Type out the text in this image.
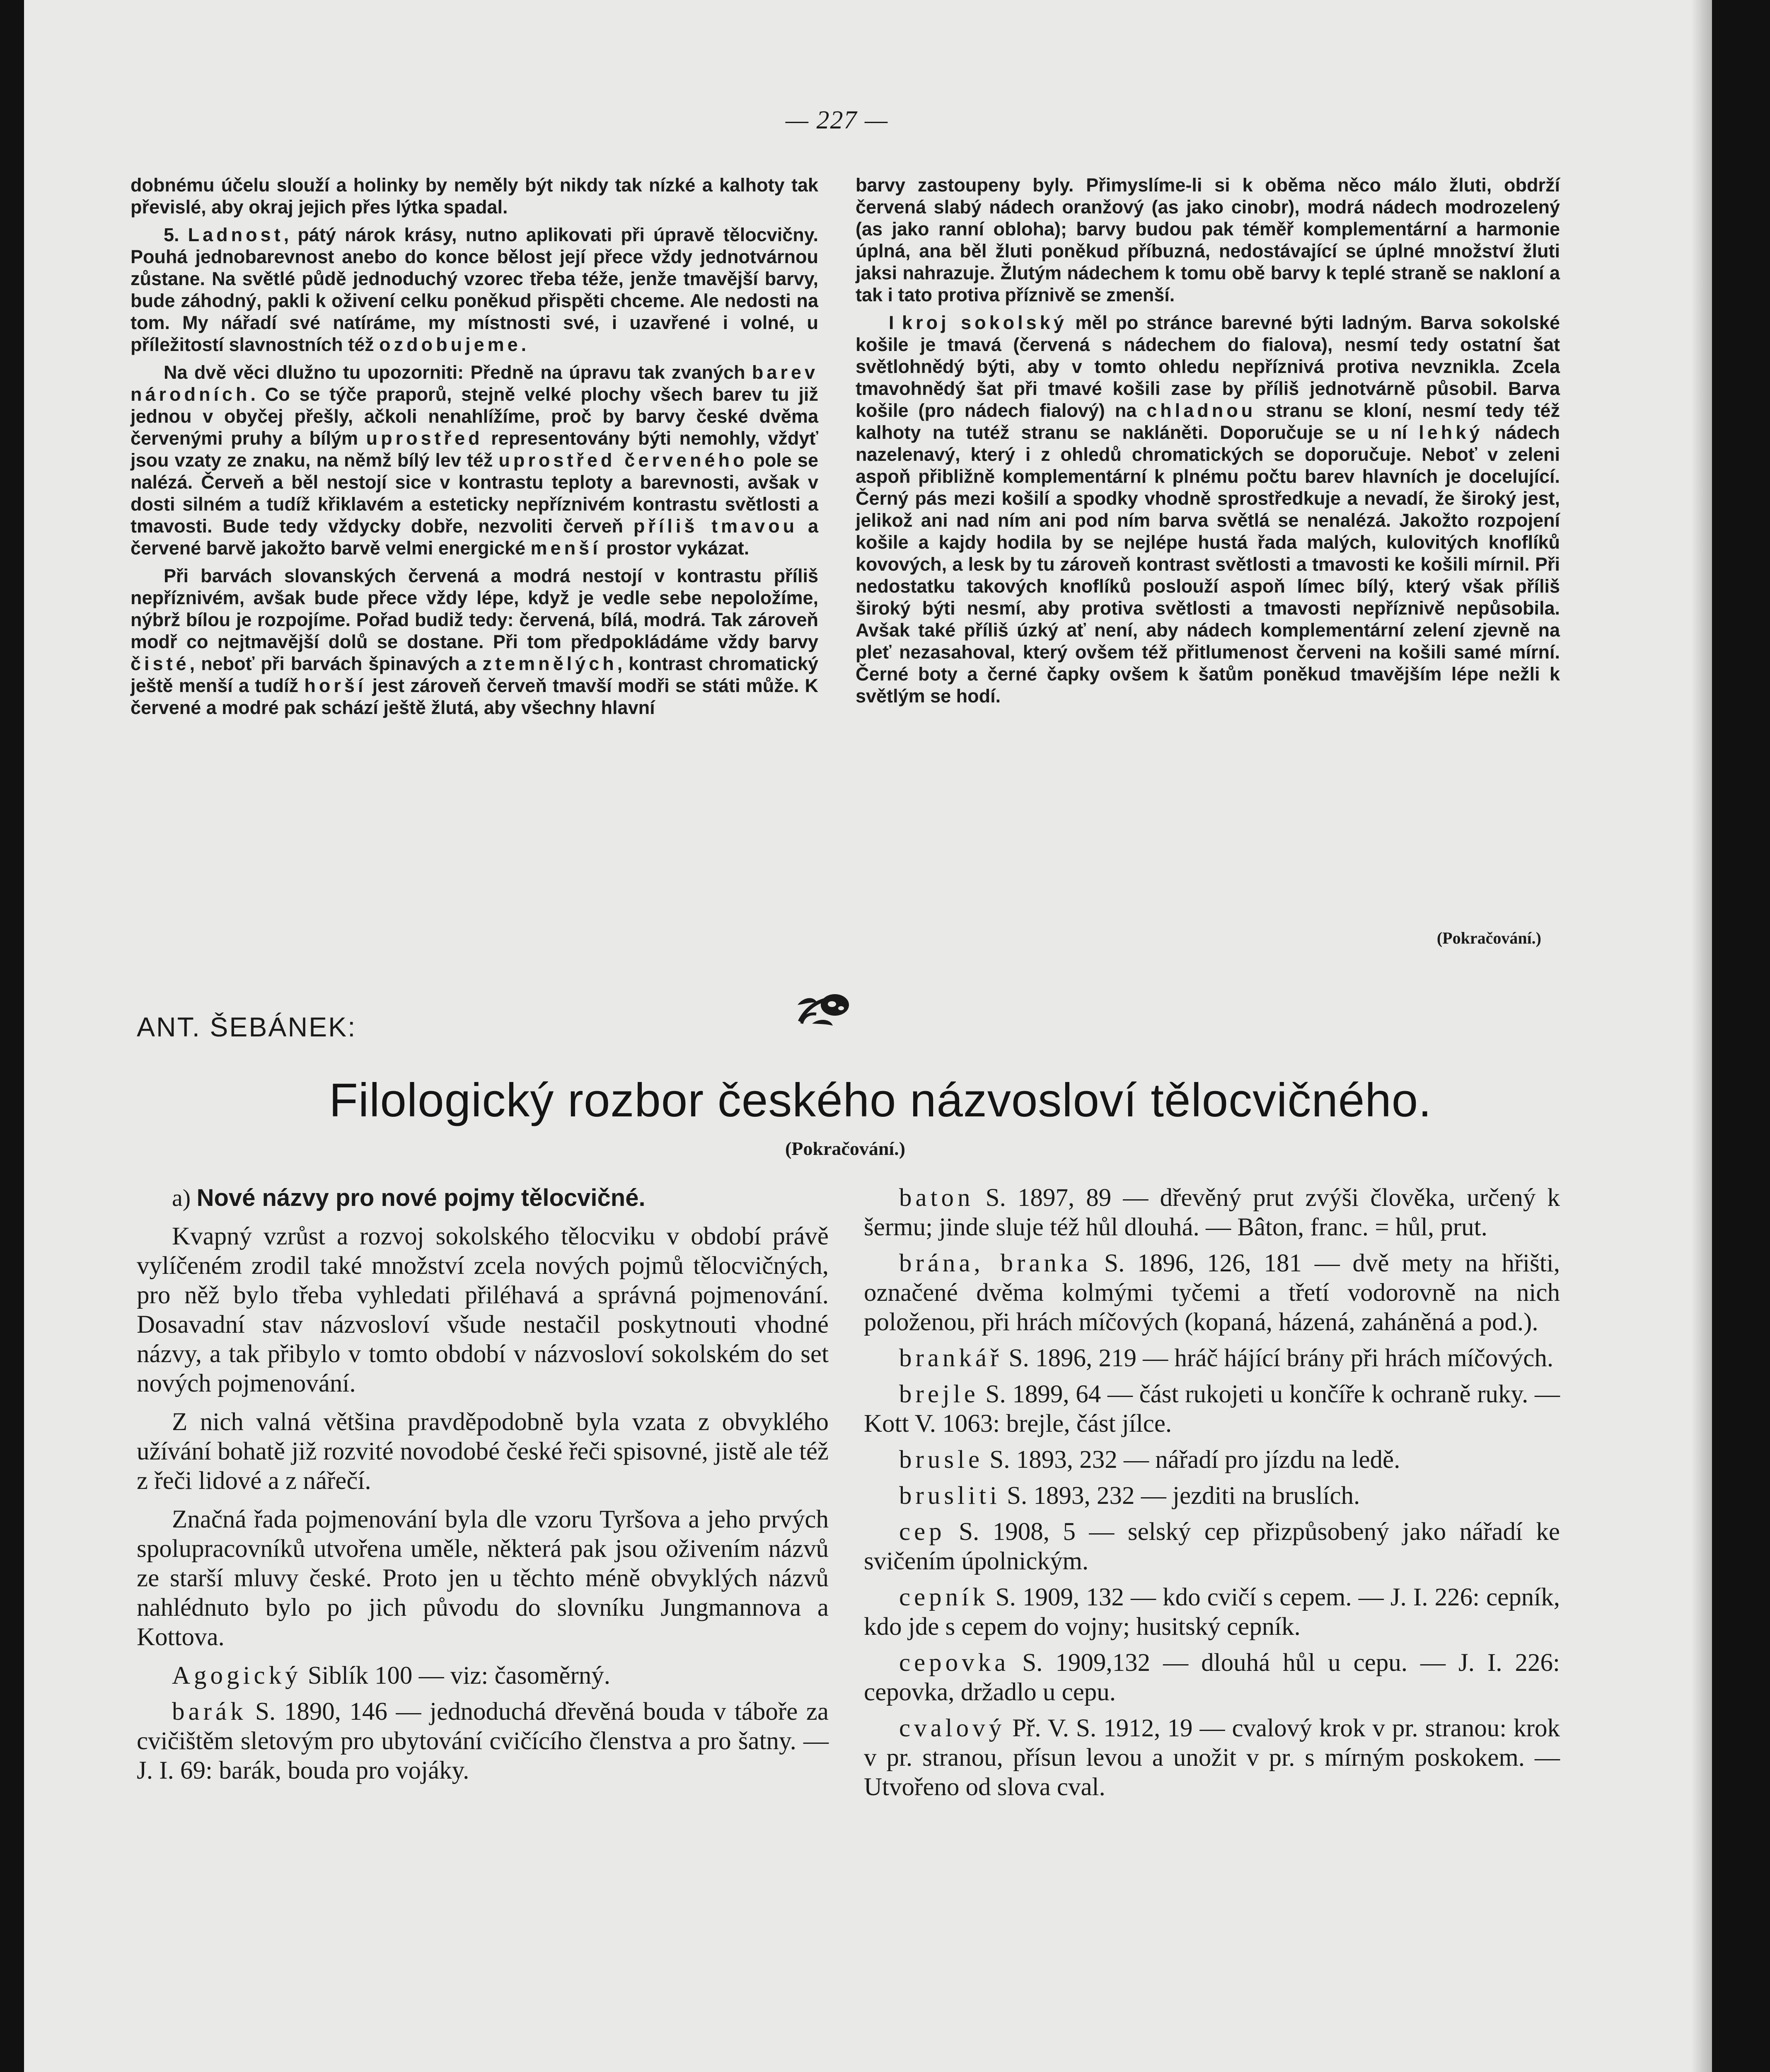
— 227 —

dobnému účelu slouží a holinky by neměly být nikdy tak nízké a kalhoty tak převislé, aby okraj jejich přes lýtka spadal.

5. Ladnost, pátý nárok krásy, nutno aplikovati při úpravě tělocvičny. Pouhá jednobarevnost anebo do konce bělost její přece vždy jednotvárnou zůstane. Na světlé půdě jednoduchý vzorec třeba téže, jenže tmavější barvy, bude záhodný, pakli k oživení celku poněkud přispěti chceme. Ale nedosti na tom. My nářadí své natíráme, my místnosti své, i uzavřené i volné, u příležitostí slavnostních též ozdobujeme.

Na dvě věci dlužno tu upozorniti: Předně na úpravu tak zvaných barev národních. Co se týče praporů, stejně velké plochy všech barev tu již jednou v obyčej přešly, ačkoli nenahlížíme, proč by barvy české dvěma červenými pruhy a bílým uprostřed representovány býti nemohly, vždyť jsou vzaty ze znaku, na němž bílý lev též uprostřed červeného pole se nalézá. Červeň a běl nestojí sice v kontrastu teploty a barevnosti, avšak v dosti silném a tudíž křiklavém a esteticky nepříznivém kontrastu světlosti a tmavosti. Bude tedy vždycky dobře, nezvoliti červeň příliš tmavou a červené barvě jakožto barvě velmi energické menší prostor vykázat.

Při barvách slovanských červená a modrá nestojí v kontrastu příliš nepříznivém, avšak bude přece vždy lépe, když je vedle sebe nepoložíme, nýbrž bílou je rozpojíme. Pořad budiž tedy: červená, bílá, modrá. Tak zároveň modř co nejtmavější dolů se dostane. Při tom předpokládáme vždy barvy čisté, neboť při barvách špinavých a ztemnělých, kontrast chromatický ještě menší a tudíž horší jest zároveň červeň tmavší modři se státi může. K červené a modré pak schází ještě žlutá, aby všechny hlavní

barvy zastoupeny byly. Přimyslíme-li si k oběma něco málo žluti, obdrží červená slabý nádech oranžový (as jako cinobr), modrá nádech modrozelený (as jako ranní obloha); barvy budou pak téměř komplementární a harmonie úplná, ana běl žluti poněkud příbuzná, nedostávající se úplné množství žluti jaksi nahrazuje. Žlutým nádechem k tomu obě barvy k teplé straně se nakloní a tak i tato protiva příznivě se zmenší.

I kroj sokolský měl po stránce barevné býti ladným. Barva sokolské košile je tmavá (červená s nádechem do fialova), nesmí tedy ostatní šat světlohnědý býti, aby v tomto ohledu nepříznivá protiva nevznikla. Zcela tmavohnědý šat při tmavé košili zase by příliš jednotvárně působil. Barva košile (pro nádech fialový) na chladnou stranu se kloní, nesmí tedy též kalhoty na tutéž stranu se nakláněti. Doporučuje se u ní lehký nádech nazelenavý, který i z ohledů chromatických se doporučuje. Neboť v zeleni aspoň přibližně komplementární k plnému počtu barev hlavních je docelující. Černý pás mezi košilí a spodky vhodně sprostředkuje a nevadí, že široký jest, jelikož ani nad ním ani pod ním barva světlá se nenalézá. Jakožto rozpojení košile a kajdy hodila by se nejlépe hustá řada malých, kulovitých knoflíků kovových, a lesk by tu zároveň kontrast světlosti a tmavosti ke košili mírnil. Při nedostatku takových knoflíků poslouží aspoň límec bílý, který však příliš široký býti nesmí, aby protiva světlosti a tmavosti nepříznivě nepůsobila. Avšak také příliš úzký ať není, aby nádech komplementární zelení zjevně na pleť nezasahoval, který ovšem též přitlumenost červeni na košili samé mírní. Černé boty a černé čapky ovšem k šatům poněkud tmavějším lépe nežli k světlým se hodí.

(Pokračování.)
ANT. ŠEBÁNEK:
Filologický rozbor českého názvosloví tělocvičného.
(Pokračování.)

a) Nové názvy pro nové pojmy tělocvičné.

Kvapný vzrůst a rozvoj sokolského tělocviku v období právě vylíčeném zrodil také množství zcela nových pojmů tělocvičných, pro něž bylo třeba vyhledati přiléhavá a správná pojmenování. Dosavadní stav názvosloví všude nestačil poskytnouti vhodné názvy, a tak přibylo v tomto období v názvosloví sokolském do set nových pojmenování.

Z nich valná většina pravděpodobně byla vzata z obvyklého užívání bohatě již rozvité novodobé české řeči spisovné, jistě ale též z řeči lidové a z nářečí.

Značná řada pojmenování byla dle vzoru Tyršova a jeho prvých spolupracovníků utvořena uměle, některá pak jsou oživením názvů ze starší mluvy české. Proto jen u těchto méně obvyklých názvů nahlédnuto bylo po jich původu do slovníku Jungmannova a Kottova.

Agogický Siblík 100 — viz: časoměrný.

barák S. 1890, 146 — jednoduchá dřevěná bouda v táboře za cvičištěm sletovým pro ubytování cvičícího členstva a pro šatny. — J. I. 69: barák, bouda pro vojáky.

baton S. 1897, 89 — dřevěný prut zvýši člověka, určený k šermu; jinde sluje též hůl dlouhá. — Bâton, franc. = hůl, prut.

brána, branka S. 1896, 126, 181 — dvě mety na hřišti, označené dvěma kolmými tyčemi a třetí vodorovně na nich položenou, při hrách míčových (kopaná, házená, zaháněná a pod.).

brankář S. 1896, 219 — hráč hájící brány při hrách míčových.

brejle S. 1899, 64 — část rukojeti u končíře k ochraně ruky. — Kott V. 1063: brejle, část jílce.

brusle S. 1893, 232 — nářadí pro jízdu na ledě.

brusliti S. 1893, 232 — jezditi na bruslích.

cep S. 1908, 5 — selský cep přizpůsobený jako nářadí ke svičením úpolnickým.

cepník S. 1909, 132 — kdo cvičí s cepem. — J. I. 226: cepník, kdo jde s cepem do vojny; husitský cepník.

cepovka S. 1909,132 — dlouhá hůl u cepu. — J. I. 226: cepovka, držadlo u cepu.

cvalový Př. V. S. 1912, 19 — cvalový krok v pr. stranou: krok v pr. stranou, přísun levou a unožit v pr. s mírným poskokem. — Utvořeno od slova cval.
